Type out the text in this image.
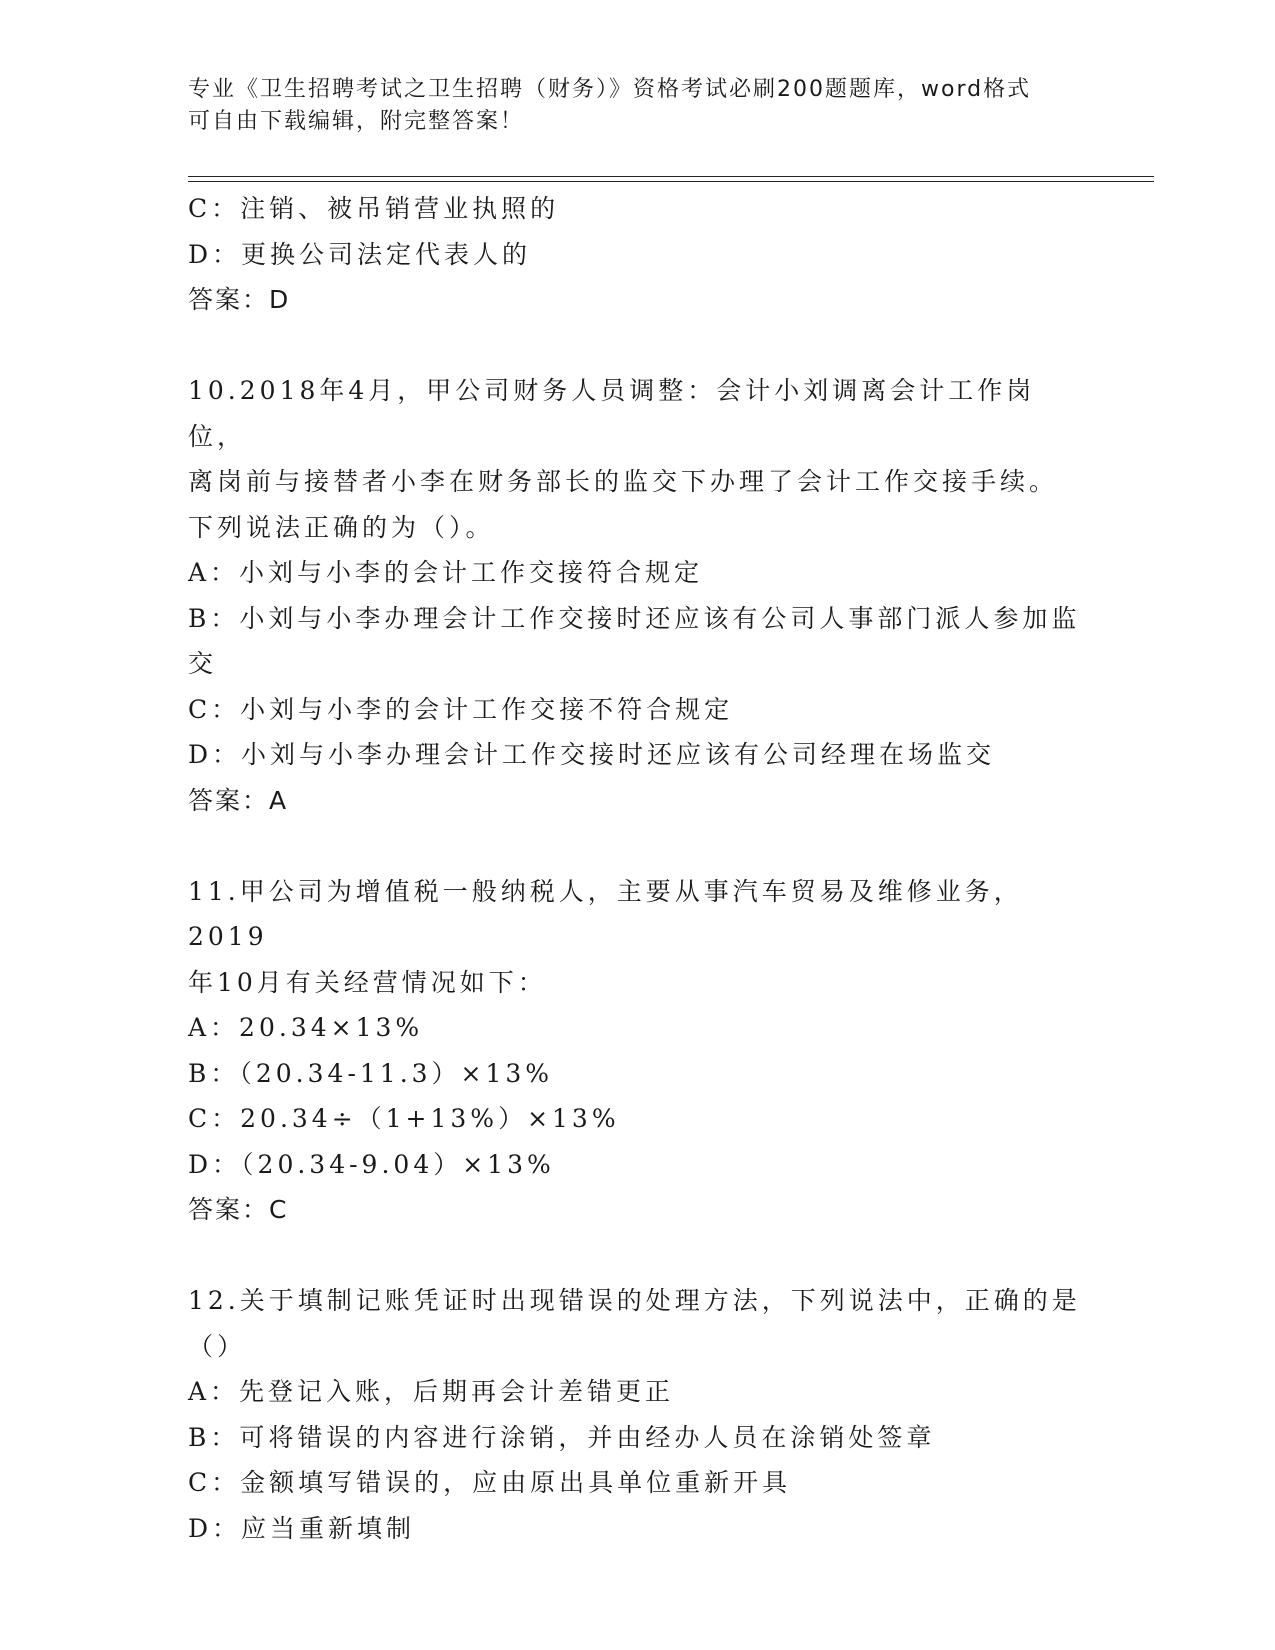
专业《卫生招聘考试之卫生招聘（财务）》资格考试必刷200题题库，word格式
可自由下载编辑，附完整答案！
C：注销、被吊销营业执照的
D：更换公司法定代表人的
答案：D
10.2018年4月，甲公司财务人员调整：会计小刘调离会计工作岗位，
离岗前与接替者小李在财务部长的监交下办理了会计工作交接手续。
下列说法正确的为（）。
A：小刘与小李的会计工作交接符合规定
B：小刘与小李办理会计工作交接时还应该有公司人事部门派人参加监
交
C：小刘与小李的会计工作交接不符合规定
D：小刘与小李办理会计工作交接时还应该有公司经理在场监交
答案：A
11.甲公司为增值税一般纳税人，主要从事汽车贸易及维修业务，2019
年10月有关经营情况如下：
A：20.34×13%
B：（20.34-11.3）×13%
C：20.34÷（1+13%）×13%
D：（20.34-9.04）×13%
答案：C
12.关于填制记账凭证时出现错误的处理方法，下列说法中，正确的是
（）
A：先登记入账，后期再会计差错更正
B：可将错误的内容进行涂销，并由经办人员在涂销处签章
C：金额填写错误的，应由原出具单位重新开具
D：应当重新填制
